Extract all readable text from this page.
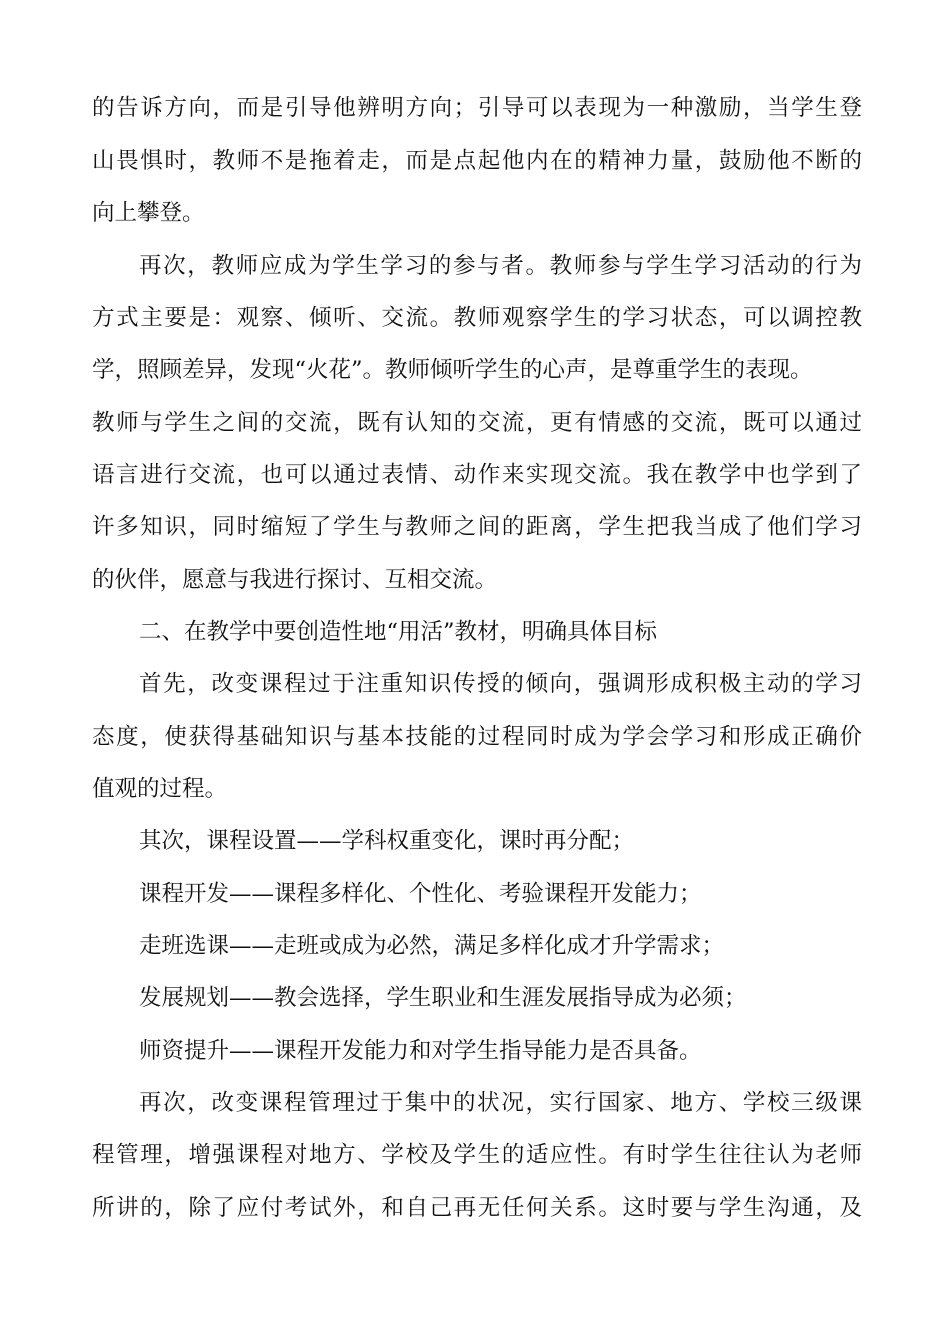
的告诉方向，而是引导他辨明方向；引导可以表现为一种激励，当学生登
山畏惧时，教师不是拖着走，而是点起他内在的精神力量，鼓励他不断的
向上攀登。
再次，教师应成为学生学习的参与者。教师参与学生学习活动的行为
方式主要是：观察、倾听、交流。教师观察学生的学习状态，可以调控教
学，照顾差异，发现“火花”。教师倾听学生的心声，是尊重学生的表现。
教师与学生之间的交流，既有认知的交流，更有情感的交流，既可以通过
语言进行交流，也可以通过表情、动作来实现交流。我在教学中也学到了
许多知识，同时缩短了学生与教师之间的距离，学生把我当成了他们学习
的伙伴，愿意与我进行探讨、互相交流。
二、在教学中要创造性地“用活”教材，明确具体目标
首先，改变课程过于注重知识传授的倾向，强调形成积极主动的学习
态度，使获得基础知识与基本技能的过程同时成为学会学习和形成正确价
值观的过程。
其次，课程设置——学科权重变化，课时再分配；
课程开发——课程多样化、个性化、考验课程开发能力；
走班选课——走班或成为必然，满足多样化成才升学需求；
发展规划——教会选择，学生职业和生涯发展指导成为必须；
师资提升——课程开发能力和对学生指导能力是否具备。
再次，改变课程管理过于集中的状况，实行国家、地方、学校三级课
程管理，增强课程对地方、学校及学生的适应性。有时学生往往认为老师
所讲的，除了应付考试外，和自己再无任何关系。这时要与学生沟通，及
